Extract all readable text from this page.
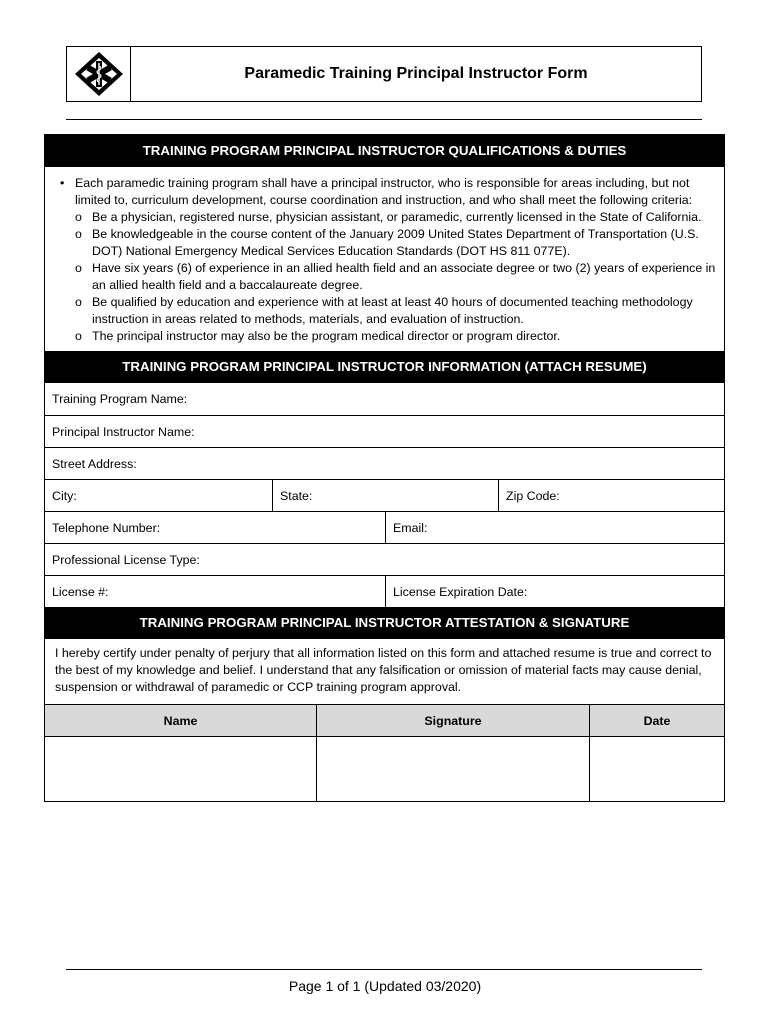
Paramedic Training Principal Instructor Form
TRAINING PROGRAM PRINCIPAL INSTRUCTOR QUALIFICATIONS & DUTIES
• Each paramedic training program shall have a principal instructor, who is responsible for areas including, but not limited to, curriculum development, course coordination and instruction, and who shall meet the following criteria:
o Be a physician, registered nurse, physician assistant, or paramedic, currently licensed in the State of California.
o Be knowledgeable in the course content of the January 2009 United States Department of Transportation (U.S. DOT) National Emergency Medical Services Education Standards (DOT HS 811 077E).
o Have six years (6) of experience in an allied health field and an associate degree or two (2) years of experience in an allied health field and a baccalaureate degree.
o Be qualified by education and experience with at least at least 40 hours of documented teaching methodology instruction in areas related to methods, materials, and evaluation of instruction.
o The principal instructor may also be the program medical director or program director.
TRAINING PROGRAM PRINCIPAL INSTRUCTOR INFORMATION (ATTACH RESUME)
Training Program Name:
Principal Instructor Name:
Street Address:
City:	State:	Zip Code:
Telephone Number:	Email:
Professional License Type:
License #:	License Expiration Date:
TRAINING PROGRAM PRINCIPAL INSTRUCTOR ATTESTATION & SIGNATURE
I hereby certify under penalty of perjury that all information listed on this form and attached resume is true and correct to the best of my knowledge and belief. I understand that any falsification or omission of material facts may cause denial, suspension or withdrawal of paramedic or CCP training program approval.
Name	Signature	Date

Page 1 of 1 (Updated 03/2020)
